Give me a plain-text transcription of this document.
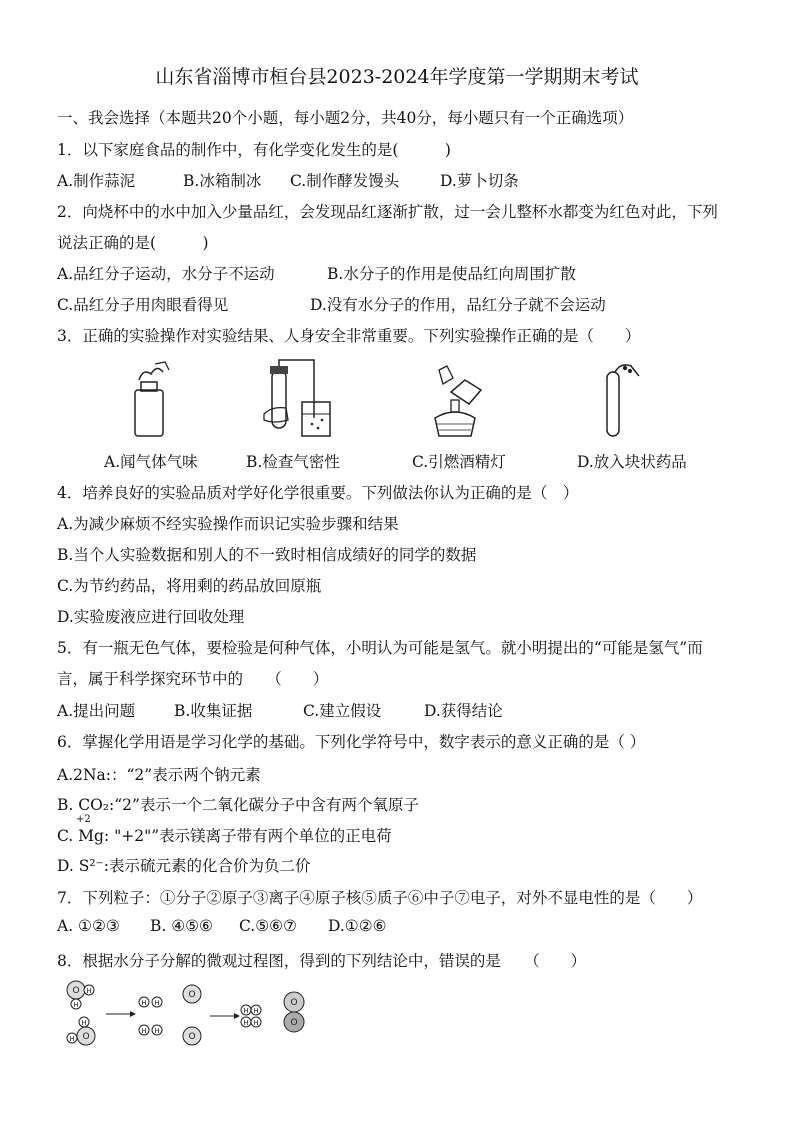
山东省淄博市桓台县2023-2024年学度第一学期期末考试
一、我会选择（本题共20个小题，每小题2分，共40分，每小题只有一个正确选项）
1．以下家庭食品的制作中，有化学变化发生的是(　　　)
A.制作蒜泥	B.冰箱制冰 C.制作酵发馒头	D.萝卜切条
2．向烧杯中的水中加入少量品红，会发现品红逐渐扩散，过一会儿整杯水都变为红色对此，下列
说法正确的是(　　　)
A.品红分子运动，水分子不运动	B.水分子的作用是使品红向周围扩散
C.品红分子用肉眼看得见	D.没有水分子的作用，品红分子就不会运动
3．正确的实验操作对实验结果、人身安全非常重要。下列实验操作正确的是（　　）
A.闻气体气味	B.检查气密性	C.引燃酒精灯	D.放入块状药品
4．培养良好的实验品质对学好化学很重要。下列做法你认为正确的是（　）
A.为减少麻烦不经实验操作而识记实验步骤和结果
B.当个人实验数据和别人的不一致时相信成绩好的同学的数据
C.为节约药品，将用剩的药品放回原瓶
D.实验废液应进行回收处理
5．有一瓶无色气体，要检验是何种气体，小明认为可能是氢气。就小明提出的“可能是氢气”而
言，属于科学探究环节中的　　（　　）
A.提出问题	B.收集证据	C.建立假设	D.获得结论
6．掌握化学用语是学习化学的基础。下列化学符号中，数字表示的意义正确的是（ ）
A.2Na:：“2”表示两个钠元素
B. CO₂:“2”表示一个二氧化碳分子中含有两个氧原子
+2
C. Mg: "+2"”表示镁离子带有两个单位的正电荷
D. S²⁻:表示硫元素的化合价为负二价
7．下列粒子：①分子②原子③离子④原子核⑤质子⑥中子⑦电子，对外不显电性的是（　　）
A. ①②③ B. ④⑤⑥ C.⑤⑥⑦ D.①②⑥
8．根据水分子分解的微观过程图，得到的下列结论中，错误的是　　（　　）
O H
H
O
H
H
H H
H H
O
O
H H
H H
O
O
